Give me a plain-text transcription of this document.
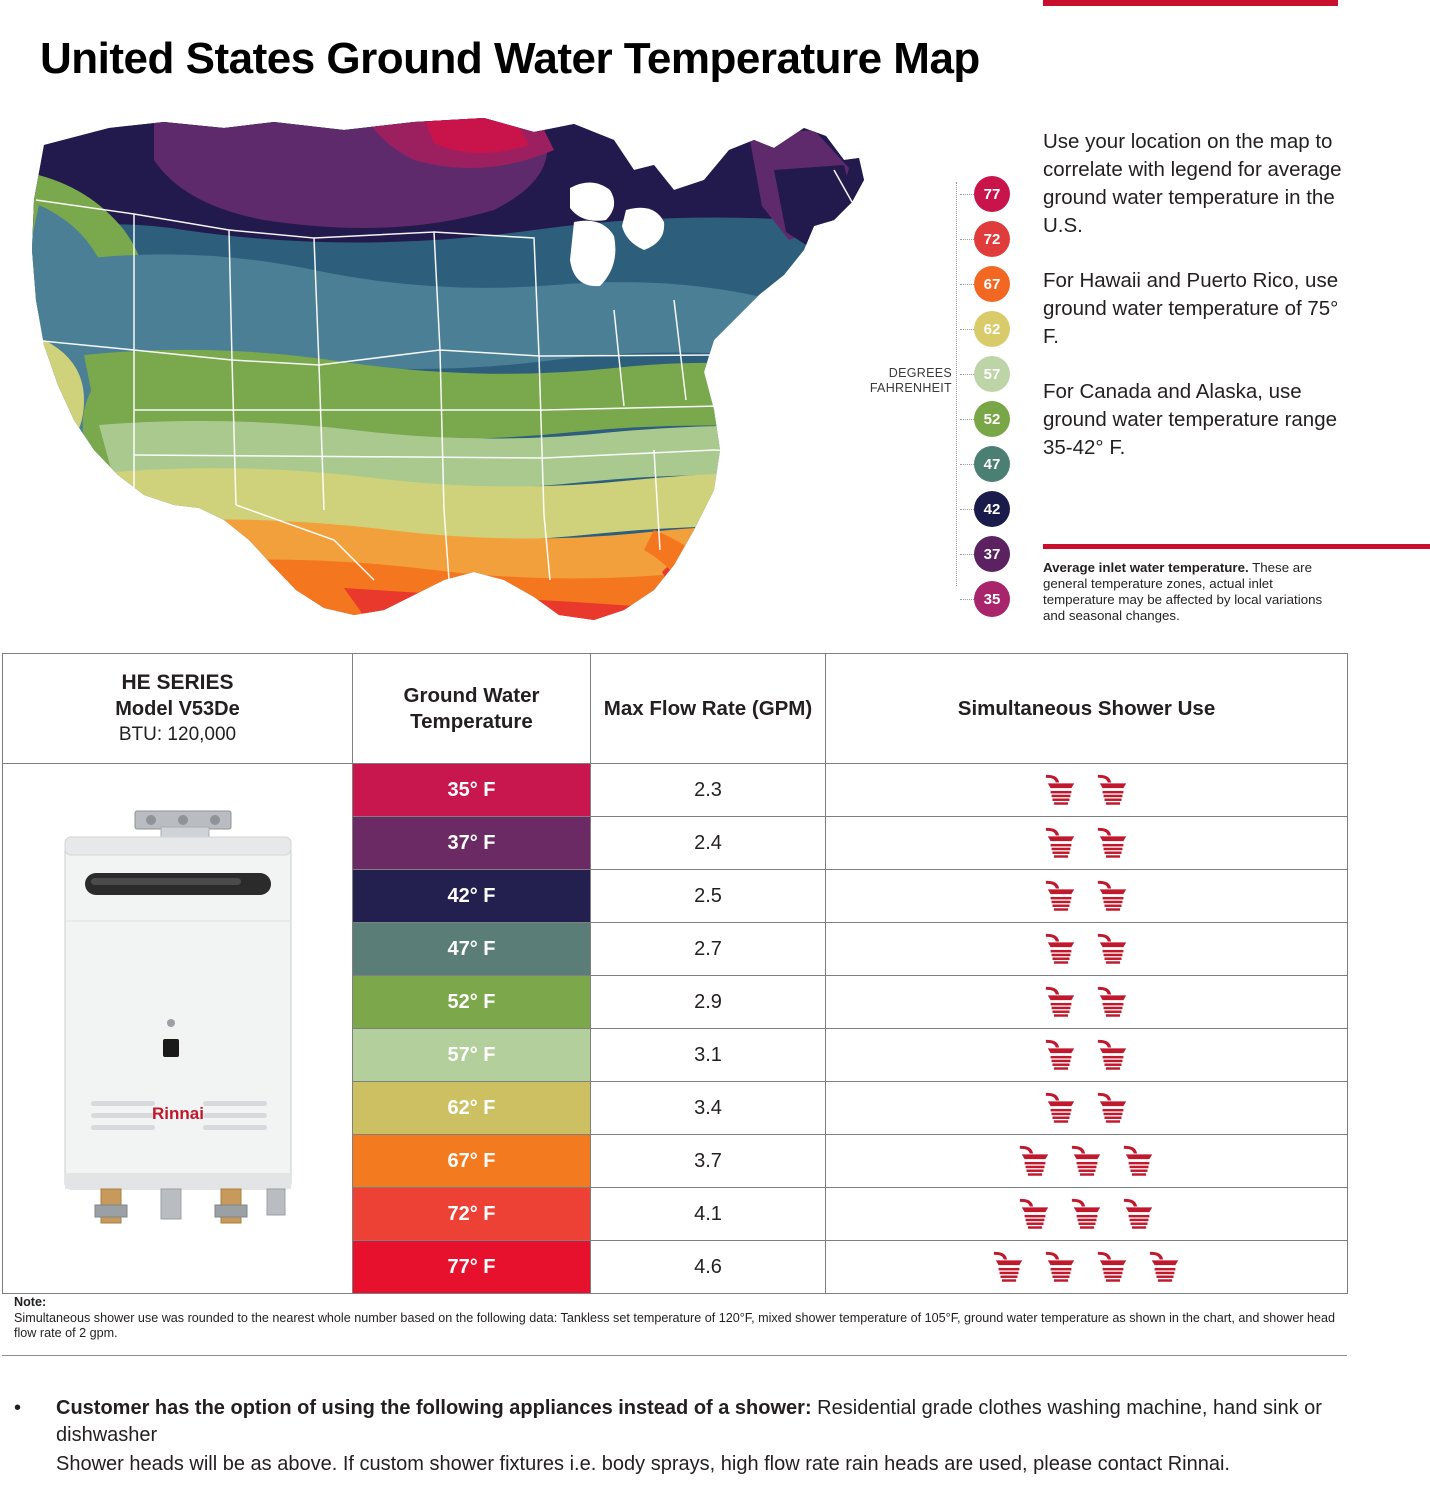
United States Ground Water Temperature Map
DEGREES
FAHRENHEIT
77
72
67
62
57
52
47
42
37
35

Use your location on the map to correlate with legend for average ground water temperature in the U.S.

For Hawaii and Puerto Rico, use ground water temperature of 75° F.

For Canada and Alaska, use ground water temperature range 35-42° F.

Average inlet water temperature. These are general temperature zones, actual inlet temperature may be affected by local variations and seasonal changes.
HE SERIES
Model V53De
BTU: 120,000	Ground Water Temperature	Max Flow Rate (GPM)	Simultaneous Shower Use

Rinnai	35° F	2.3	

	37° F	2.4	

	42° F	2.5	

	47° F	2.7	

	52° F	2.9	

	57° F	3.1	

	62° F	3.4	

	67° F	3.7	

	72° F	4.1	

	77° F	4.6	
Note:
Simultaneous shower use was rounded to the nearest whole number based on the following data: Tankless set temperature of 120°F, mixed shower temperature of 105°F, ground water temperature as shown in the chart, and shower head flow rate of 2 gpm.
• Customer has the option of using the following appliances instead of a shower: Residential grade clothes washing machine, hand sink or dishwasher
Shower heads will be as above. If custom shower fixtures i.e. body sprays, high flow rate rain heads are used, please contact Rinnai.
